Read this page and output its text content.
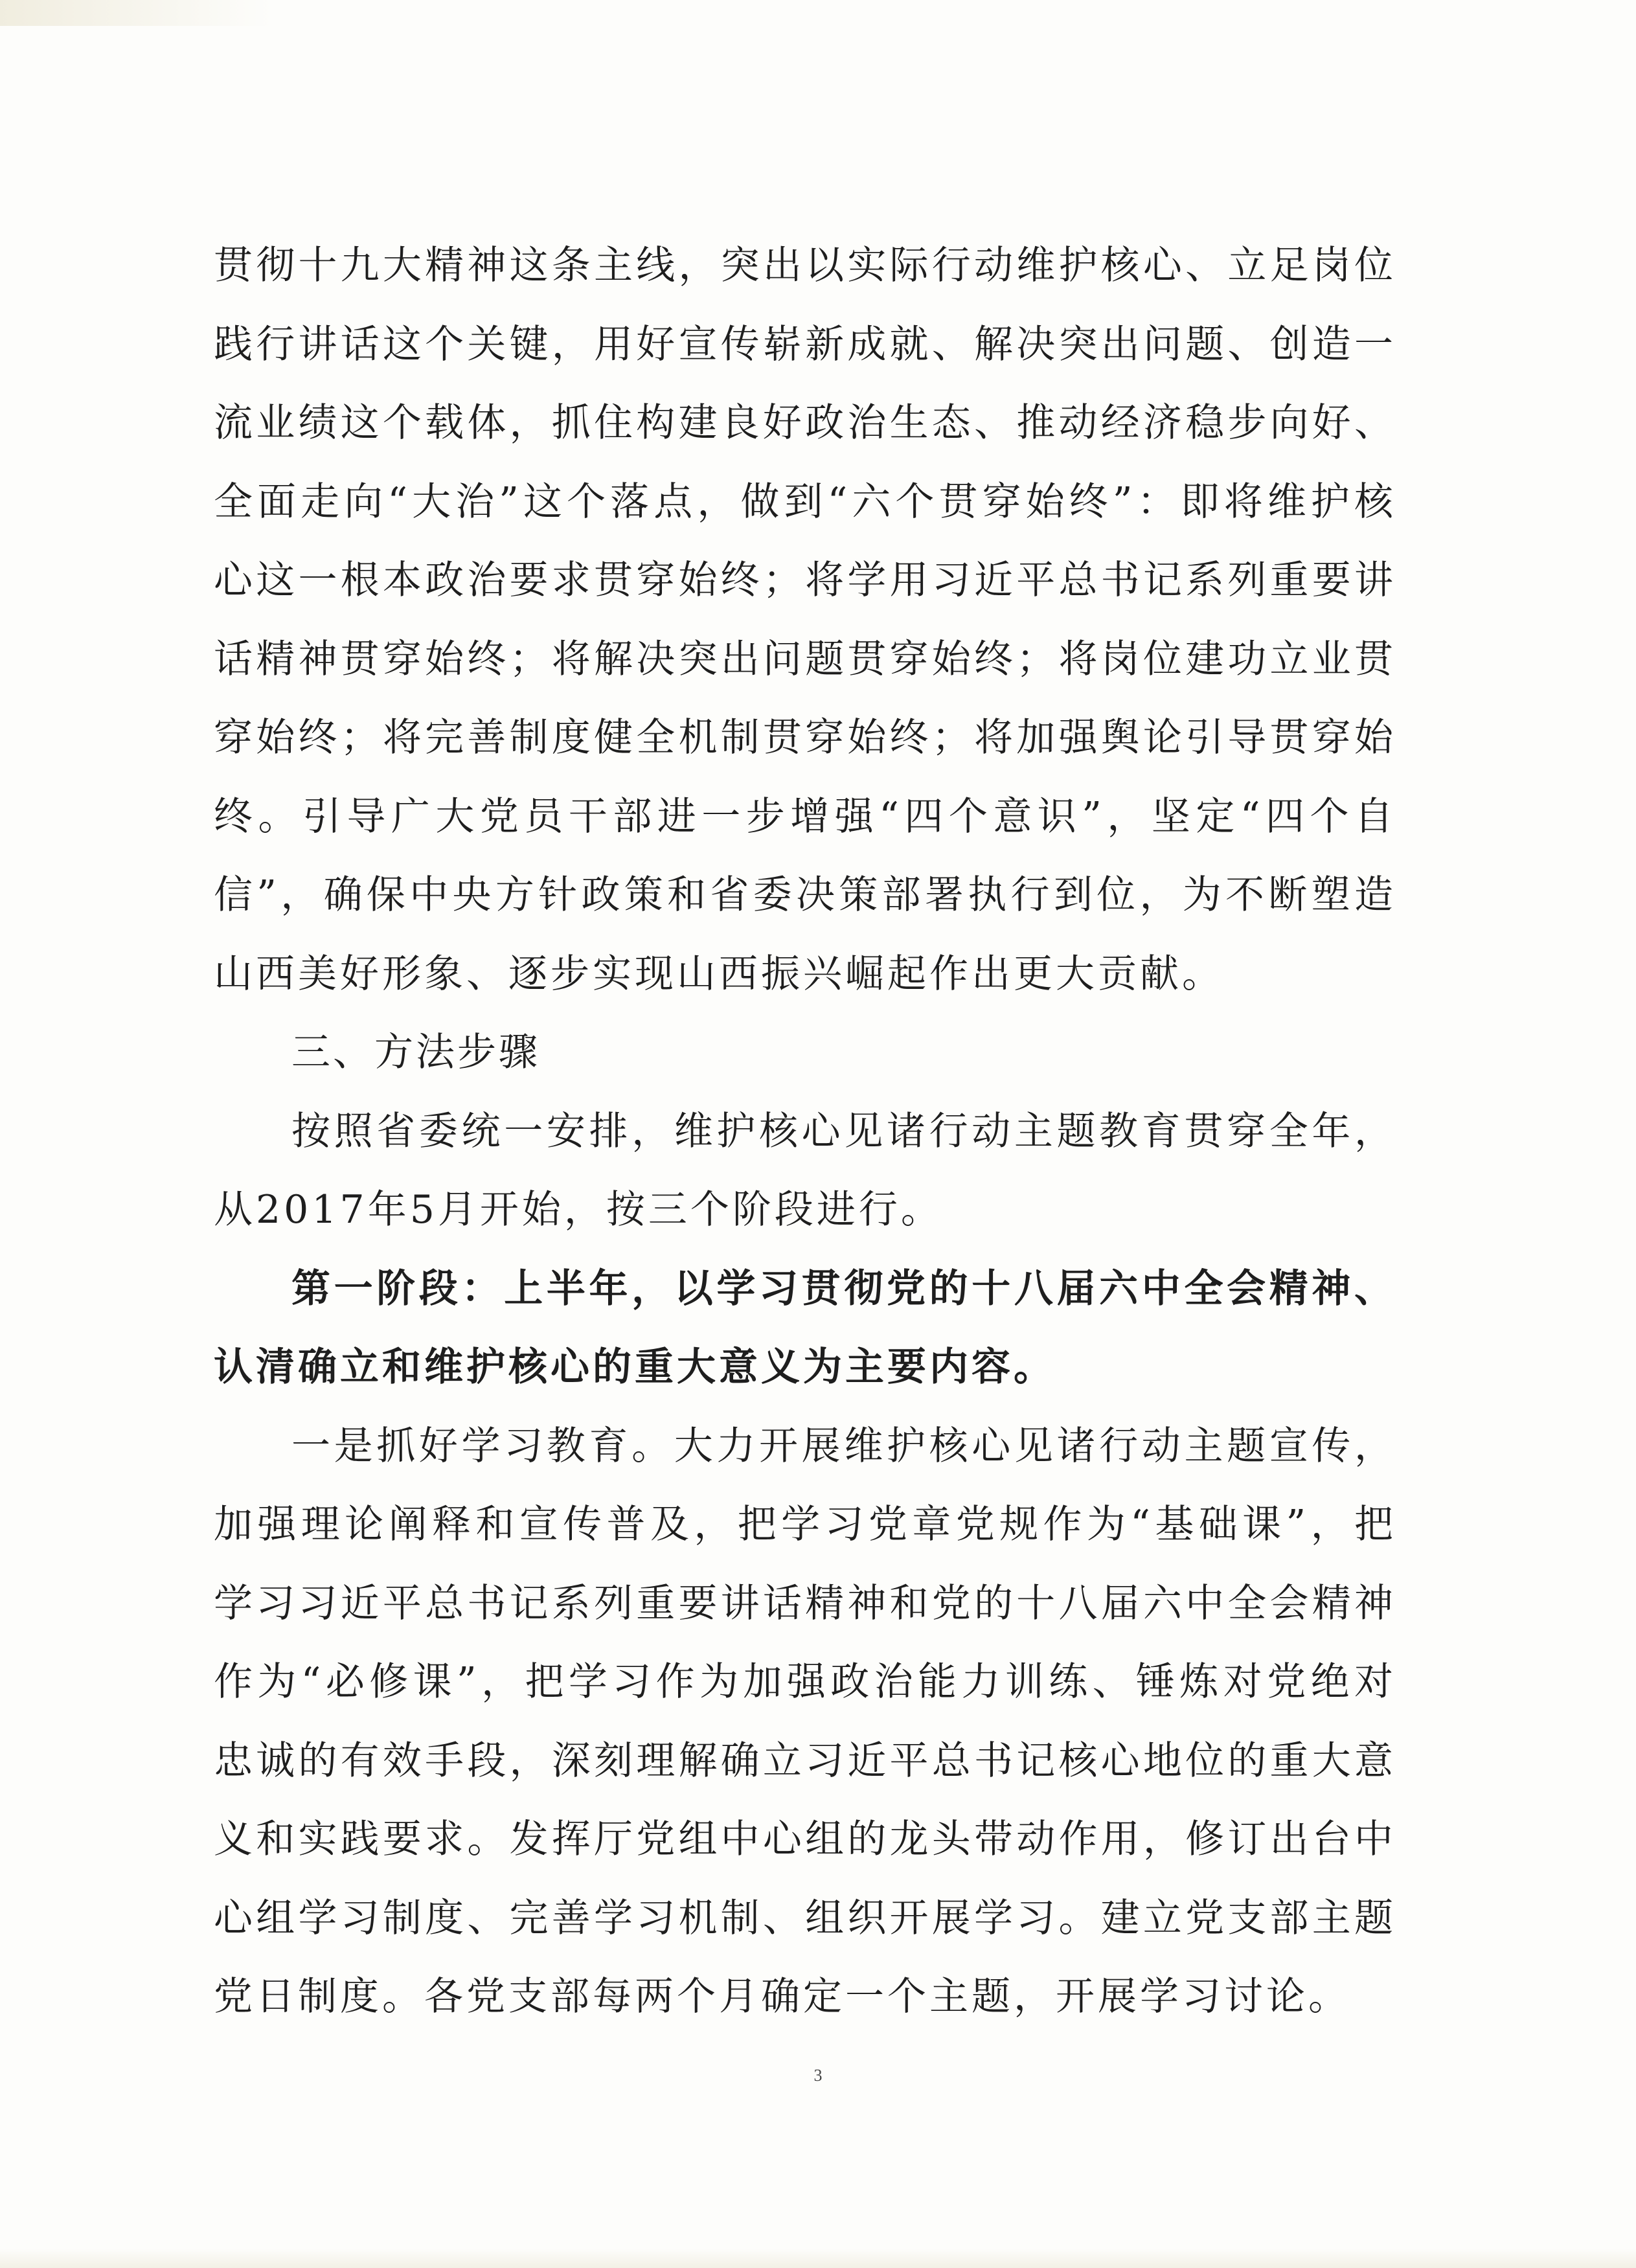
贯彻十九大精神这条主线，突出以实际行动维护核心、立足岗位践行讲话这个关键，用好宣传崭新成就、解决突出问题、创造一流业绩这个载体，抓住构建良好政治生态、推动经济稳步向好、全面走向“大治”这个落点，做到“六个贯穿始终”：即将维护核心这一根本政治要求贯穿始终；将学用习近平总书记系列重要讲话精神贯穿始终；将解决突出问题贯穿始终；将岗位建功立业贯穿始终；将完善制度健全机制贯穿始终；将加强舆论引导贯穿始终。引导广大党员干部进一步增强“四个意识”，坚定“四个自信”，确保中央方针政策和省委决策部署执行到位，为不断塑造山西美好形象、逐步实现山西振兴崛起作出更大贡献。

三、方法步骤

按照省委统一安排，维护核心见诸行动主题教育贯穿全年，从2017年5月开始，按三个阶段进行。

第一阶段：上半年，以学习贯彻党的十八届六中全会精神、认清确立和维护核心的重大意义为主要内容。

一是抓好学习教育。大力开展维护核心见诸行动主题宣传，加强理论阐释和宣传普及，把学习党章党规作为“基础课”，把学习习近平总书记系列重要讲话精神和党的十八届六中全会精神作为“必修课”，把学习作为加强政治能力训练、锤炼对党绝对忠诚的有效手段，深刻理解确立习近平总书记核心地位的重大意义和实践要求。发挥厅党组中心组的龙头带动作用，修订出台中心组学习制度、完善学习机制、组织开展学习。建立党支部主题党日制度。各党支部每两个月确定一个主题，开展学习讨论。

3
